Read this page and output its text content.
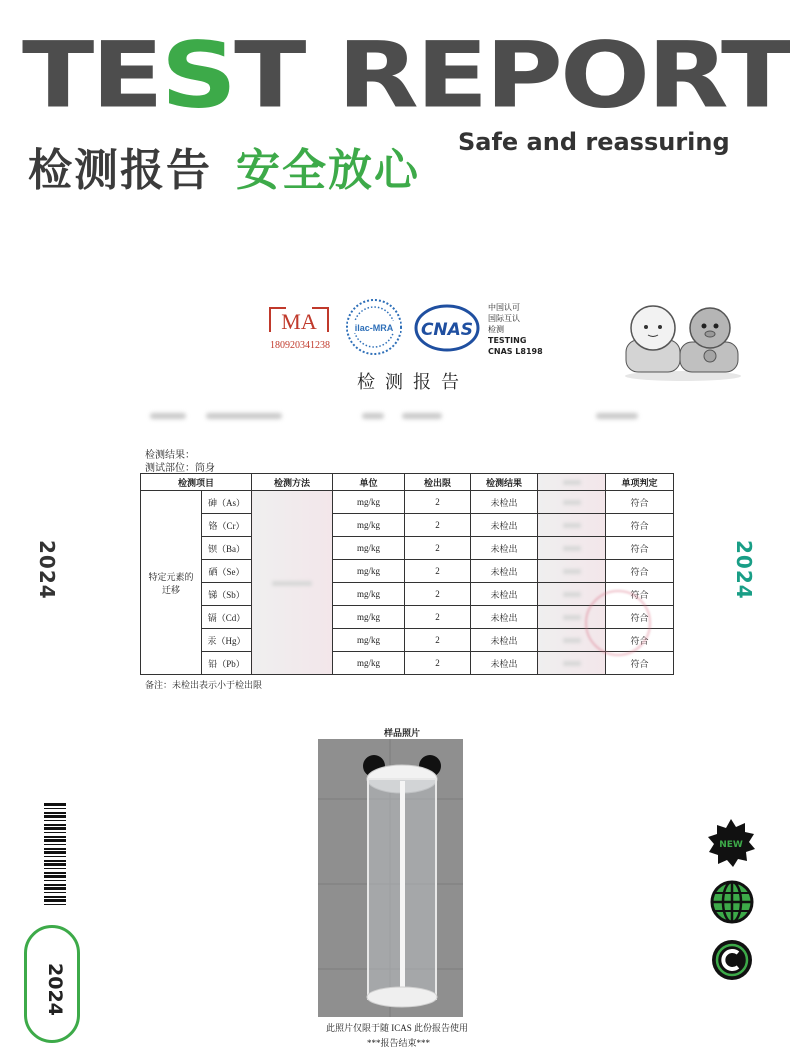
TEST REPORT
检测报告 安全放心
Safe and reassuring
2024	2024
2024
NEW
MA
180920341238
ilac-MRA CNAS
中国认可
国际互认
检测
TESTING
CNAS L8198
检测报告
检测结果：
测试部位：筒身
检测项目		检测方法	单位	检出限	检测结果		单项判定

特定元素的
迁移	砷（As）		mg/kg	2	未检出		符合
	铬（Cr）		mg/kg	2	未检出		符合
	钡（Ba）		mg/kg	2	未检出		符合
	硒（Se）		mg/kg	2	未检出		符合
	锑（Sb）		mg/kg	2	未检出		符合
	镉（Cd）		mg/kg	2	未检出		符合
	汞（Hg）		mg/kg	2	未检出		符合
	铅（Pb）		mg/kg	2	未检出		符合
备注：未检出表示小于检出限
样品照片
此照片仅限于随 ICAS 此份报告使用
***报告结束***
